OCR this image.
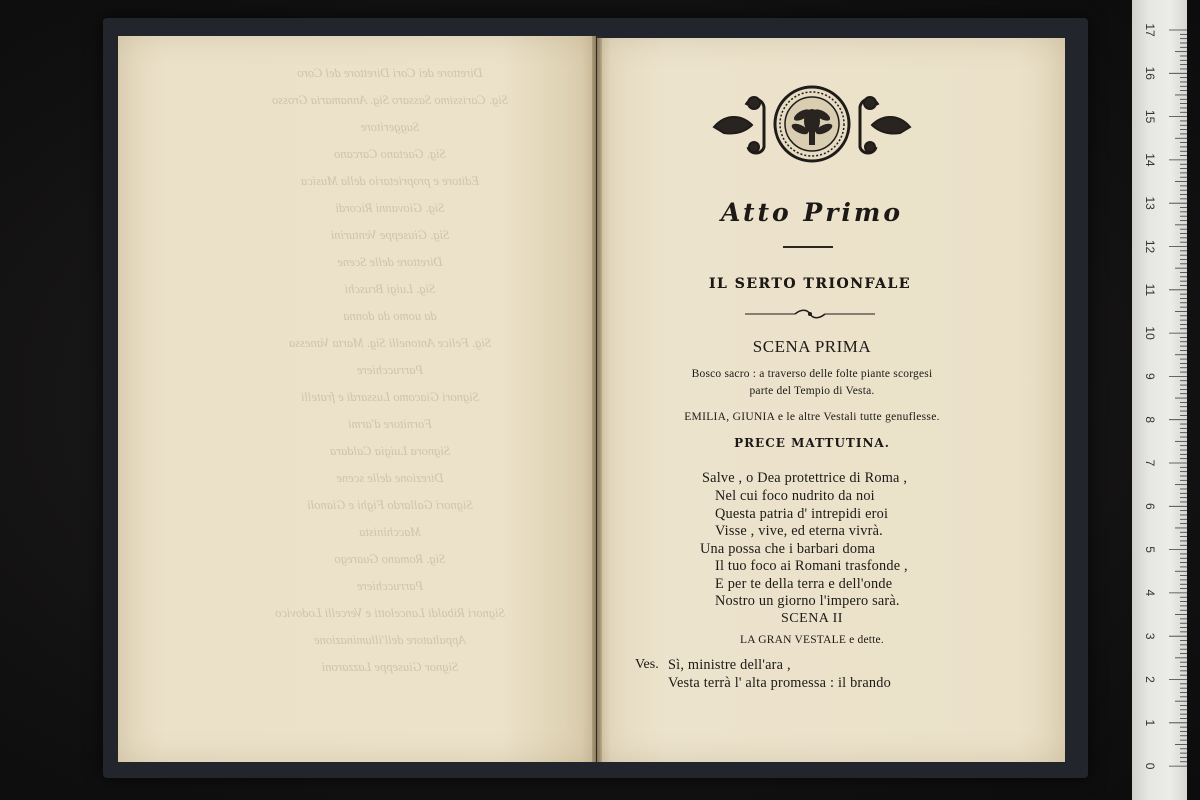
Direttore dei Cori Direttore del Coro
Sig. Carissimo Sassaro Sig. Annamaria Grosso
Suggeritore
Sig. Gaetano Carcano
Editore e proprietario della Musica
Sig. Giovanni Ricordi
Sig. Giuseppe Venturini
Direttore delle Scene
Sig. Luigi Bruschi
da uomo da donna
Sig. Felice Antonelli Sig. Marta Vanessa
Parrucchiere
Signori Giacomo Lussardi e fratelli
Fornitore d'armi
Signora Luigia Caldara
Direzione delle scene
Signori Gallardo Fighi e Gianoli
Macchinista
Sig. Romano Guarego
Parrucchiere
Signori Ribaldi Lancelotti e Vercelli Lodovico
Appaltatore dell'illuminazione
Signor Giuseppe Lazzaroni
Atto Primo
IL SERTO TRIONFALE
SCENA PRIMA
Bosco sacro : a traverso delle folte piante scorgesi
parte del Tempio di Vesta.
EMILIA, GIUNIA e le altre Vestali tutte genuflesse.
PRECE MATTUTINA.
Salve , o Dea protettrice di Roma ,
Nel cui foco nudrito da noi
Questa patria d' intrepidi eroi
Visse , vive, ed eterna vivrà.
Una possa che i barbari doma
Il tuo foco ai Romani trasfonde ,
E per te della terra e dell'onde
Nostro un giorno l'impero sarà.
SCENA II
LA GRAN VESTALE e dette.
Ves. Sì, ministre dell'ara ,
Vesta terrà l' alta promessa : il brando
17
16
15
14
13
12
11
10
9
8
7
6
5
4
3
2
1
0
